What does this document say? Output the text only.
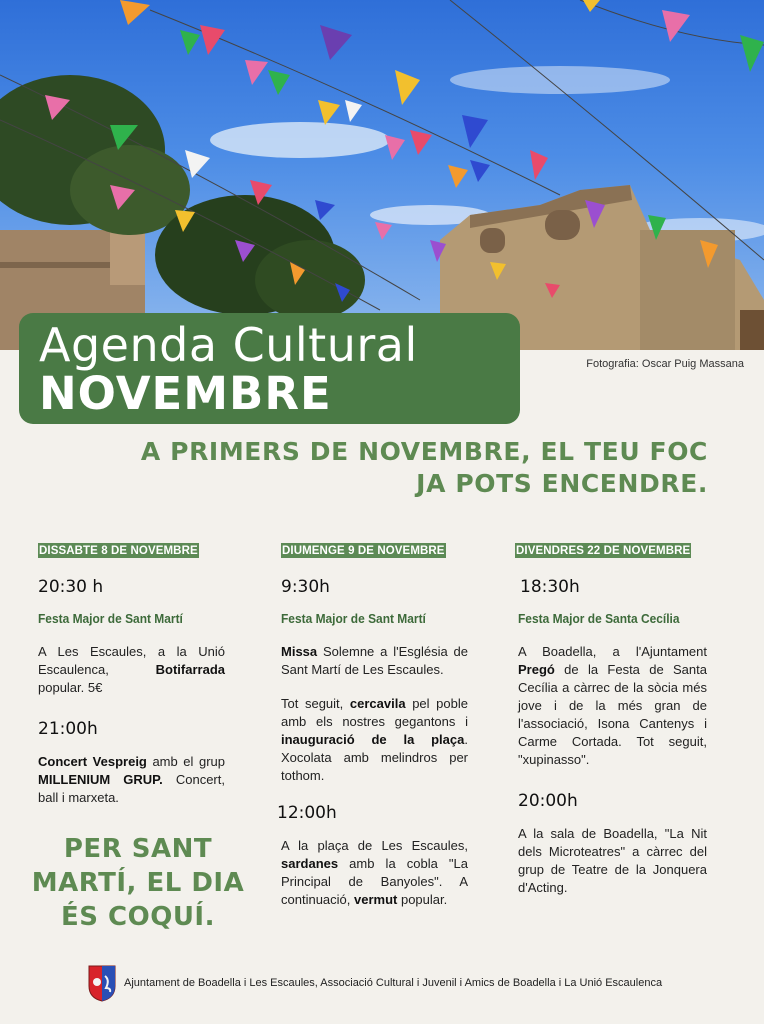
Agenda Cultural
NOVEMBRE
Fotografia: Oscar Puig Massana
A PRIMERS DE NOVEMBRE, EL TEU FOC
JA POTS ENCENDRE.
DISSABTE 8 DE NOVEMBRE
20:30 h
Festa Major de Sant Martí
A Les Escaules, a la Unió Escaulenca, Botifarrada popular. 5€
21:00h
Concert Vespreig amb el grup MILLENIUM GRUP. Concert, ball i marxeta.
DIUMENGE 9 DE NOVEMBRE
9:30h
Festa Major de Sant Martí
Missa Solemne a l'Església de Sant Martí de Les Escaules.
Tot seguit, cercavila pel poble amb els nostres gegantons i inauguració de la plaça. Xocolata amb melindros per tothom.
12:00h
A la plaça de Les Escaules, sardanes amb la cobla "La Principal de Banyoles". A continuació, vermut popular.
DIVENDRES 22 DE NOVEMBRE
18:30h
Festa Major de Santa Cecília
A Boadella, a l'Ajuntament Pregó de la Festa de Santa Cecília a càrrec de la sòcia més jove i de la més gran de l'associació, Isona Cantenys i Carme Cortada. Tot seguit, "xupinasso".
20:00h
A la sala de Boadella, "La Nit dels Microteatres" a càrrec del grup de Teatre de la Jonquera d'Acting.
PER SANT
MARTÍ, EL DIA
ÉS COQUÍ.
Ajuntament de Boadella i Les Escaules, Associació Cultural i Juvenil i Amics de Boadella i La Unió Escaulenca
